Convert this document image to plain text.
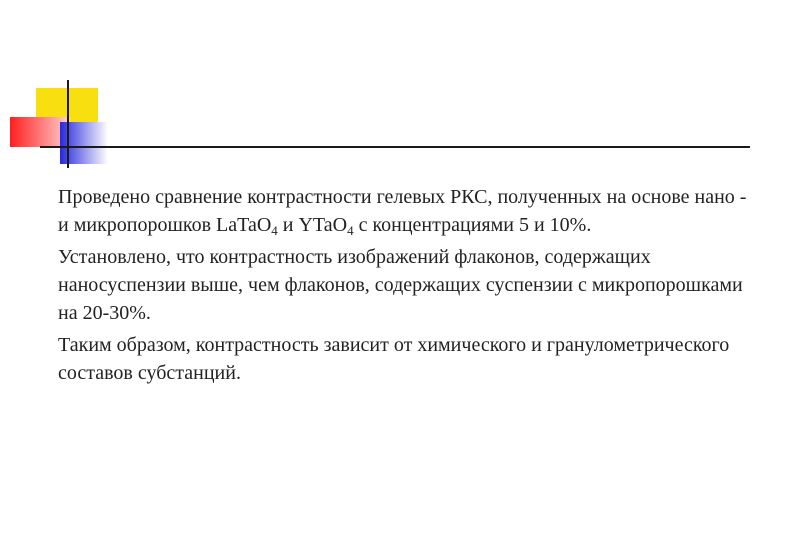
Проведено сравнение контрастности гелевых РКС, полученных на основе нано - и микропорошков LaTaO$_4$ и YTaO$_4$ с концентрациями 5 и 10%.

Установлено, что контрастность изображений флаконов, содержащих наносуспензии выше, чем флаконов, содержащих суспензии с микропорошками на 20-30%.

Таким образом, контрастность зависит от химического и гранулометрического составов субстанций.
